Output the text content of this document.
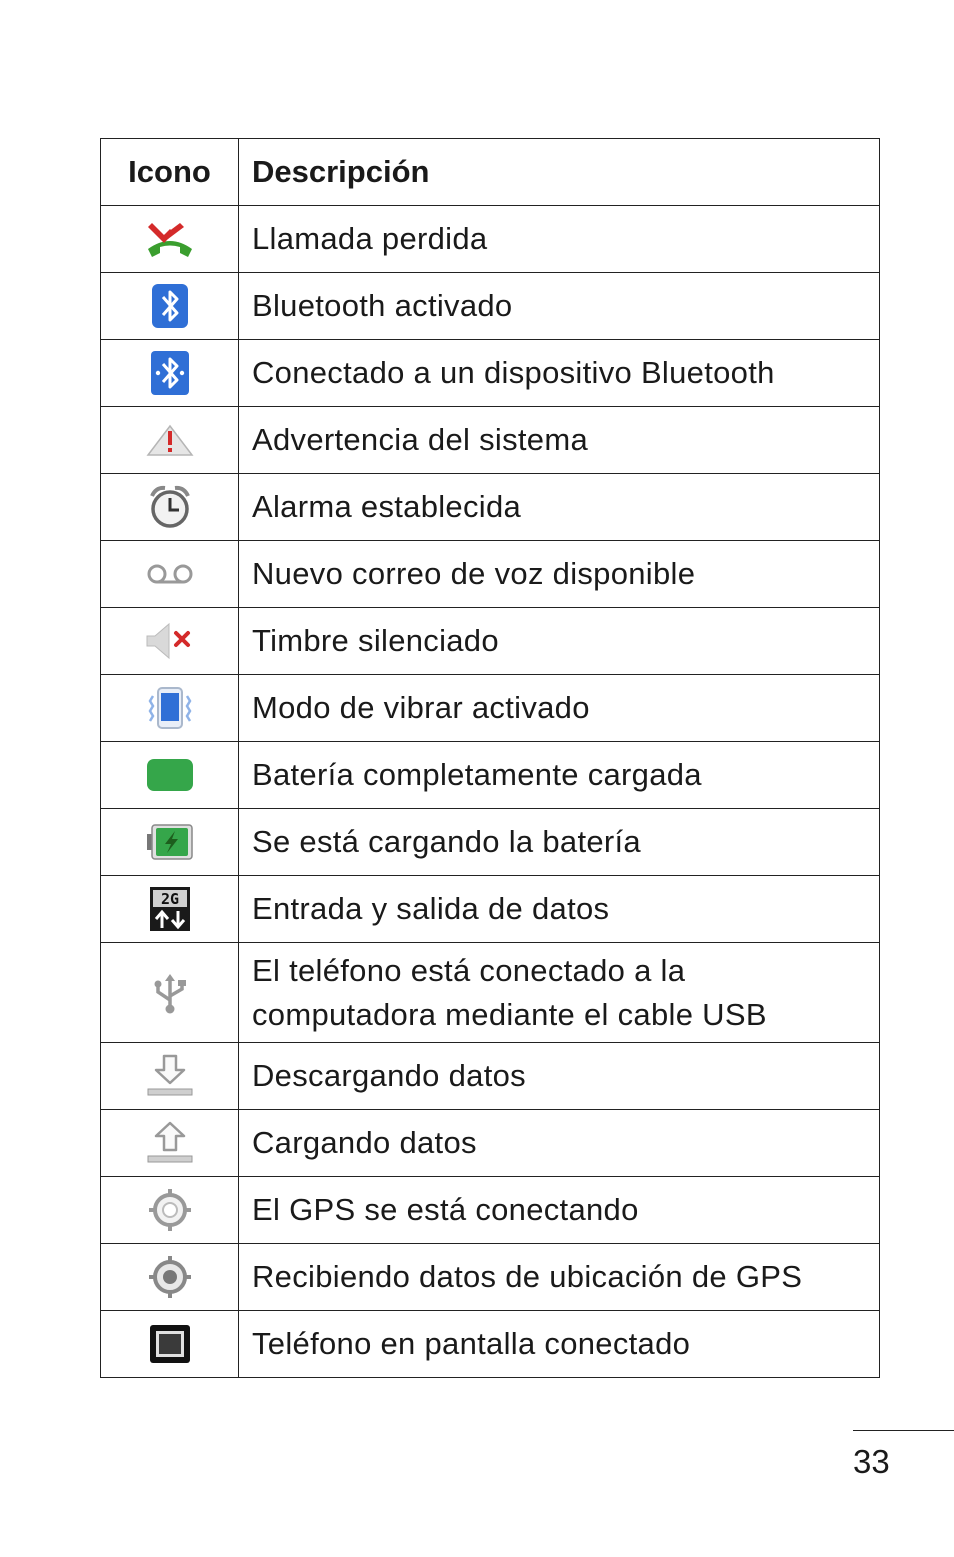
Icono	Descripción

	Llamada perdida

	Bluetooth activado

	Conectado a un dispositivo Bluetooth

	Advertencia del sistema

	Alarma establecida

	Nuevo correo de voz disponible

	Timbre silenciado

	Modo de vibrar activado

	Batería completamente cargada

	Se está cargando la batería

2G	Entrada y salida de datos

	El teléfono está conectado a la
computadora mediante el cable USB

	Descargando datos

	Cargando datos

	El GPS se está conectando

	Recibiendo datos de ubicación de GPS

	Teléfono en pantalla conectado
33
